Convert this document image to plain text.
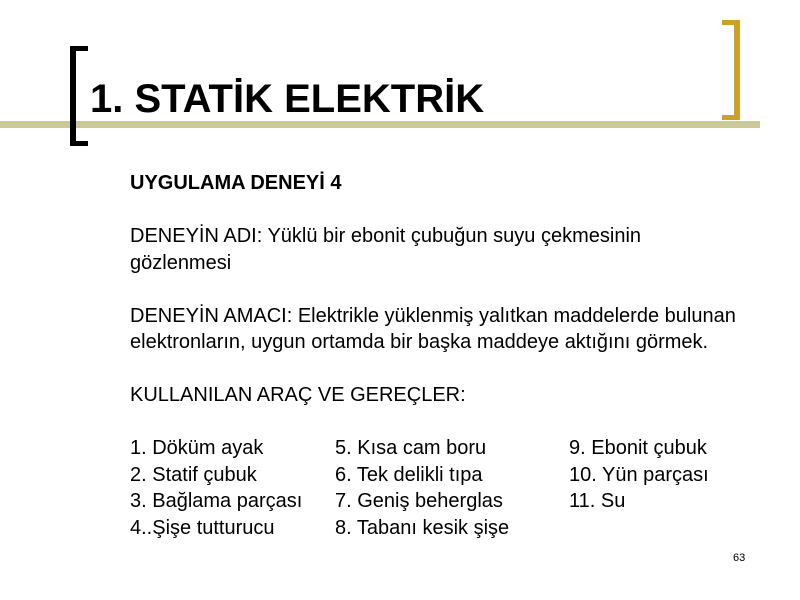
1. STATİK ELEKTRİK
UYGULAMA DENEYİ 4
DENEYİN ADI: Yüklü bir ebonit çubuğun suyu çekmesinin
gözlenmesi
DENEYİN AMACI: Elektrikle yüklenmiş yalıtkan maddelerde bulunan
elektronların, uygun ortamda bir başka maddeye aktığını görmek.
KULLANILAN ARAÇ VE GEREÇLER:
1. Döküm ayak
2. Statif çubuk
3. Bağlama parçası
4..Şişe tutturucu
5. Kısa cam boru
6. Tek delikli tıpa
7. Geniş beherglas
8. Tabanı kesik şişe
9. Ebonit çubuk
10. Yün parçası
11. Su
63
